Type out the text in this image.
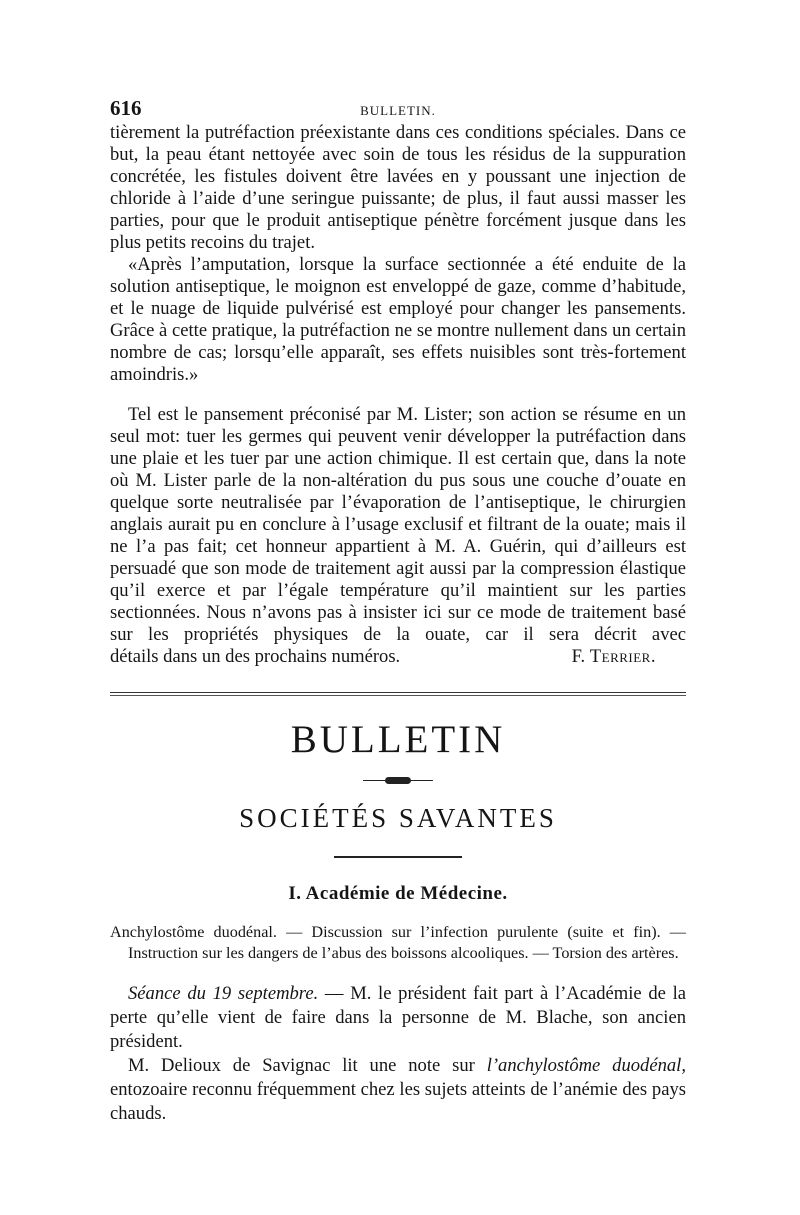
616	BULLETIN.

tièrement la putréfaction préexistante dans ces conditions spéciales. Dans ce but, la peau étant nettoyée avec soin de tous les résidus de la suppuration concrétée, les fistules doivent être lavées en y poussant une injection de chloride à l’aide d’une seringue puissante; de plus, il faut aussi masser les parties, pour que le produit antiseptique pénètre forcément jusque dans les plus petits recoins du trajet.

«Après l’amputation, lorsque la surface sectionnée a été enduite de la solution antiseptique, le moignon est enveloppé de gaze, comme d’habitude, et le nuage de liquide pulvérisé est employé pour changer les pansements. Grâce à cette pratique, la putréfaction ne se montre nullement dans un certain nombre de cas; lorsqu’elle apparaît, ses effets nuisibles sont très-fortement amoindris.»

Tel est le pansement préconisé par M. Lister; son action se résume en un seul mot: tuer les germes qui peuvent venir développer la putréfaction dans une plaie et les tuer par une action chimique. Il est certain que, dans la note où M. Lister parle de la non-altération du pus sous une couche d’ouate en quelque sorte neutralisée par l’évaporation de l’antiseptique, le chirurgien anglais aurait pu en conclure à l’usage exclusif et filtrant de la ouate; mais il ne l’a pas fait; cet honneur appartient à M. A. Guérin, qui d’ailleurs est persuadé que son mode de traitement agit aussi par la compression élastique qu’il exerce et par l’égale température qu’il maintient sur les parties sectionnées. Nous n’avons pas à insister ici sur ce mode de traitement basé sur les propriétés physiques de la ouate, car il sera décrit avec

détails dans un des prochains numéros.	F. Terrier.
BULLETIN
SOCIÉTÉS SAVANTES
I. Académie de Médecine.

Anchylostôme duodénal. — Discussion sur l’infection purulente (suite et fin). — Instruction sur les dangers de l’abus des boissons alcooliques. — Torsion des artères.

Séance du 19 septembre. — M. le président fait part à l’Académie de la perte qu’elle vient de faire dans la personne de M. Blache, son ancien président.

M. Delioux de Savignac lit une note sur l’anchylostôme duodénal, entozoaire reconnu fréquemment chez les sujets atteints de l’anémie des pays chauds.
